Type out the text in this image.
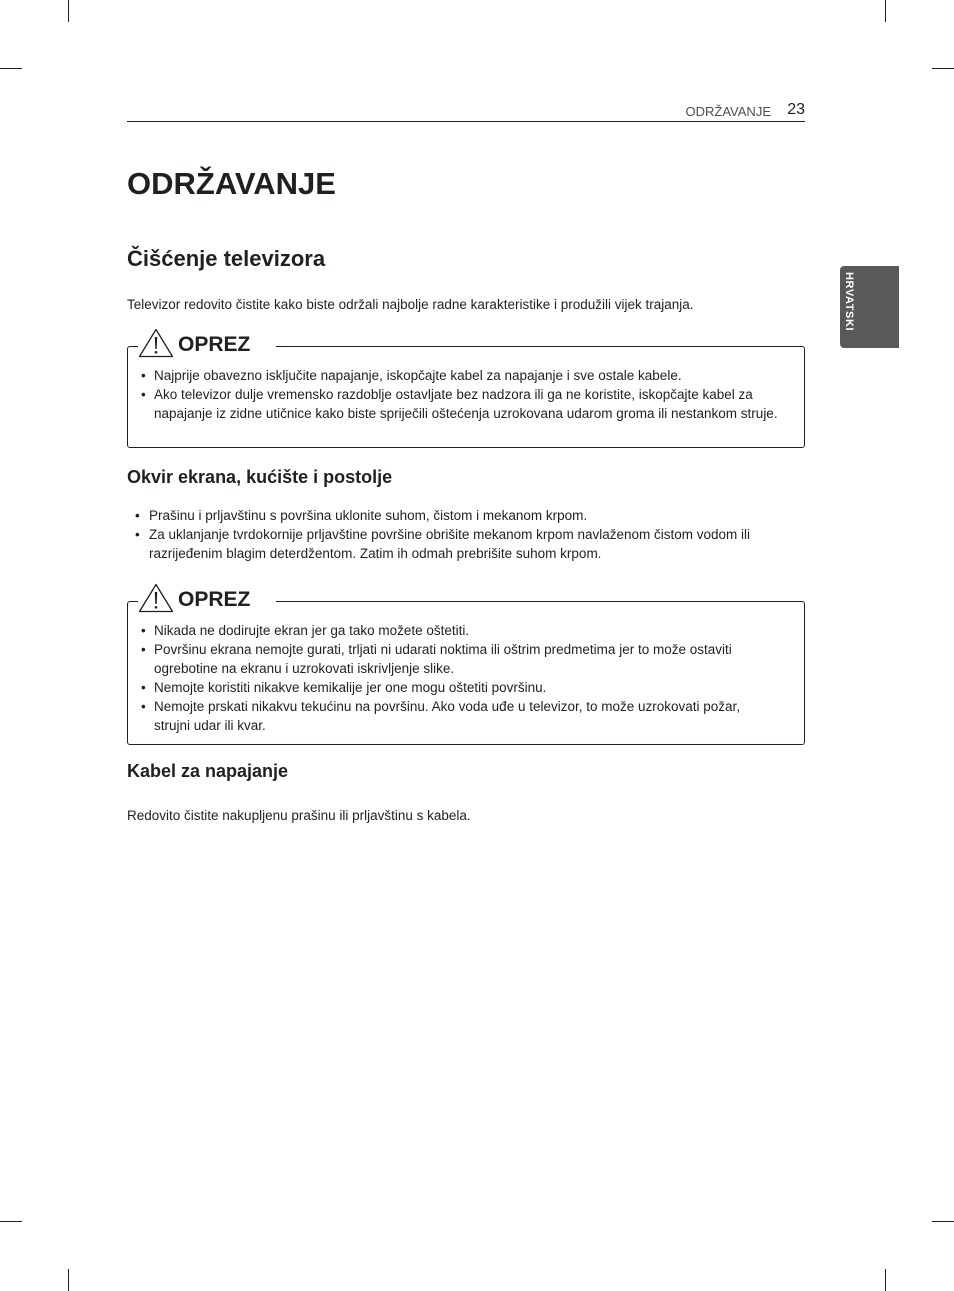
ODRŽAVANJE 23
HRVATSKI
ODRŽAVANJE
Čišćenje televizora

Televizor redovito čistite kako biste održali najbolje radne karakteristike i produžili vijek trajanja.

OPREZ
• Najprije obavezno isključite napajanje, iskopčajte kabel za napajanje i sve ostale kabele.
• Ako televizor dulje vremensko razdoblje ostavljate bez nadzora ili ga ne koristite, iskopčajte kabel za napajanje iz zidne utičnice kako biste spriječili oštećenja uzrokovana udarom groma ili nestankom struje.
Okvir ekrana, kućište i postolje
• Prašinu i prljavštinu s površina uklonite suhom, čistom i mekanom krpom.
• Za uklanjanje tvrdokornije prljavštine površine obrišite mekanom krpom navlaženom čistom vodom ili razrijeđenim blagim deterdžentom. Zatim ih odmah prebrišite suhom krpom.
OPREZ
• Nikada ne dodirujte ekran jer ga tako možete oštetiti.
• Površinu ekrana nemojte gurati, trljati ni udarati noktima ili oštrim predmetima jer to može ostaviti ogrebotine na ekranu i uzrokovati iskrivljenje slike.
• Nemojte koristiti nikakve kemikalije jer one mogu oštetiti površinu.
• Nemojte prskati nikakvu tekućinu na površinu. Ako voda uđe u televizor, to može uzrokovati požar, strujni udar ili kvar.
Kabel za napajanje

Redovito čistite nakupljenu prašinu ili prljavštinu s kabela.
